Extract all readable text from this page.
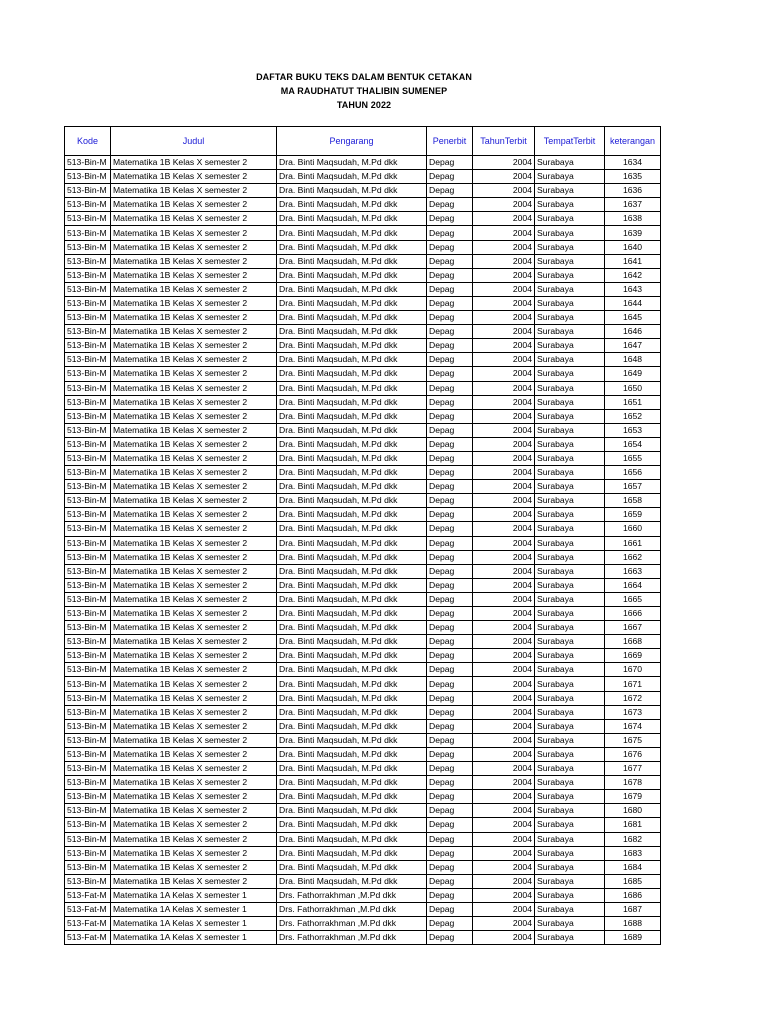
DAFTAR BUKU TEKS DALAM BENTUK CETAKAN
MA RAUDHATUT THALIBIN SUMENEP
TAHUN 2022
Kode	Judul	Pengarang	Penerbit	TahunTerbit	TempatTerbit	keterangan
513-Bin-M	Matematika 1B Kelas X semester 2	Dra. Binti Maqsudah, M.Pd dkk	Depag	2004	Surabaya	1634
513-Bin-M	Matematika 1B Kelas X semester 2	Dra. Binti Maqsudah, M.Pd dkk	Depag	2004	Surabaya	1635
513-Bin-M	Matematika 1B Kelas X semester 2	Dra. Binti Maqsudah, M.Pd dkk	Depag	2004	Surabaya	1636
513-Bin-M	Matematika 1B Kelas X semester 2	Dra. Binti Maqsudah, M.Pd dkk	Depag	2004	Surabaya	1637
513-Bin-M	Matematika 1B Kelas X semester 2	Dra. Binti Maqsudah, M.Pd dkk	Depag	2004	Surabaya	1638
513-Bin-M	Matematika 1B Kelas X semester 2	Dra. Binti Maqsudah, M.Pd dkk	Depag	2004	Surabaya	1639
513-Bin-M	Matematika 1B Kelas X semester 2	Dra. Binti Maqsudah, M.Pd dkk	Depag	2004	Surabaya	1640
513-Bin-M	Matematika 1B Kelas X semester 2	Dra. Binti Maqsudah, M.Pd dkk	Depag	2004	Surabaya	1641
513-Bin-M	Matematika 1B Kelas X semester 2	Dra. Binti Maqsudah, M.Pd dkk	Depag	2004	Surabaya	1642
513-Bin-M	Matematika 1B Kelas X semester 2	Dra. Binti Maqsudah, M.Pd dkk	Depag	2004	Surabaya	1643
513-Bin-M	Matematika 1B Kelas X semester 2	Dra. Binti Maqsudah, M.Pd dkk	Depag	2004	Surabaya	1644
513-Bin-M	Matematika 1B Kelas X semester 2	Dra. Binti Maqsudah, M.Pd dkk	Depag	2004	Surabaya	1645
513-Bin-M	Matematika 1B Kelas X semester 2	Dra. Binti Maqsudah, M.Pd dkk	Depag	2004	Surabaya	1646
513-Bin-M	Matematika 1B Kelas X semester 2	Dra. Binti Maqsudah, M.Pd dkk	Depag	2004	Surabaya	1647
513-Bin-M	Matematika 1B Kelas X semester 2	Dra. Binti Maqsudah, M.Pd dkk	Depag	2004	Surabaya	1648
513-Bin-M	Matematika 1B Kelas X semester 2	Dra. Binti Maqsudah, M.Pd dkk	Depag	2004	Surabaya	1649
513-Bin-M	Matematika 1B Kelas X semester 2	Dra. Binti Maqsudah, M.Pd dkk	Depag	2004	Surabaya	1650
513-Bin-M	Matematika 1B Kelas X semester 2	Dra. Binti Maqsudah, M.Pd dkk	Depag	2004	Surabaya	1651
513-Bin-M	Matematika 1B Kelas X semester 2	Dra. Binti Maqsudah, M.Pd dkk	Depag	2004	Surabaya	1652
513-Bin-M	Matematika 1B Kelas X semester 2	Dra. Binti Maqsudah, M.Pd dkk	Depag	2004	Surabaya	1653
513-Bin-M	Matematika 1B Kelas X semester 2	Dra. Binti Maqsudah, M.Pd dkk	Depag	2004	Surabaya	1654
513-Bin-M	Matematika 1B Kelas X semester 2	Dra. Binti Maqsudah, M.Pd dkk	Depag	2004	Surabaya	1655
513-Bin-M	Matematika 1B Kelas X semester 2	Dra. Binti Maqsudah, M.Pd dkk	Depag	2004	Surabaya	1656
513-Bin-M	Matematika 1B Kelas X semester 2	Dra. Binti Maqsudah, M.Pd dkk	Depag	2004	Surabaya	1657
513-Bin-M	Matematika 1B Kelas X semester 2	Dra. Binti Maqsudah, M.Pd dkk	Depag	2004	Surabaya	1658
513-Bin-M	Matematika 1B Kelas X semester 2	Dra. Binti Maqsudah, M.Pd dkk	Depag	2004	Surabaya	1659
513-Bin-M	Matematika 1B Kelas X semester 2	Dra. Binti Maqsudah, M.Pd dkk	Depag	2004	Surabaya	1660
513-Bin-M	Matematika 1B Kelas X semester 2	Dra. Binti Maqsudah, M.Pd dkk	Depag	2004	Surabaya	1661
513-Bin-M	Matematika 1B Kelas X semester 2	Dra. Binti Maqsudah, M.Pd dkk	Depag	2004	Surabaya	1662
513-Bin-M	Matematika 1B Kelas X semester 2	Dra. Binti Maqsudah, M.Pd dkk	Depag	2004	Surabaya	1663
513-Bin-M	Matematika 1B Kelas X semester 2	Dra. Binti Maqsudah, M.Pd dkk	Depag	2004	Surabaya	1664
513-Bin-M	Matematika 1B Kelas X semester 2	Dra. Binti Maqsudah, M.Pd dkk	Depag	2004	Surabaya	1665
513-Bin-M	Matematika 1B Kelas X semester 2	Dra. Binti Maqsudah, M.Pd dkk	Depag	2004	Surabaya	1666
513-Bin-M	Matematika 1B Kelas X semester 2	Dra. Binti Maqsudah, M.Pd dkk	Depag	2004	Surabaya	1667
513-Bin-M	Matematika 1B Kelas X semester 2	Dra. Binti Maqsudah, M.Pd dkk	Depag	2004	Surabaya	1668
513-Bin-M	Matematika 1B Kelas X semester 2	Dra. Binti Maqsudah, M.Pd dkk	Depag	2004	Surabaya	1669
513-Bin-M	Matematika 1B Kelas X semester 2	Dra. Binti Maqsudah, M.Pd dkk	Depag	2004	Surabaya	1670
513-Bin-M	Matematika 1B Kelas X semester 2	Dra. Binti Maqsudah, M.Pd dkk	Depag	2004	Surabaya	1671
513-Bin-M	Matematika 1B Kelas X semester 2	Dra. Binti Maqsudah, M.Pd dkk	Depag	2004	Surabaya	1672
513-Bin-M	Matematika 1B Kelas X semester 2	Dra. Binti Maqsudah, M.Pd dkk	Depag	2004	Surabaya	1673
513-Bin-M	Matematika 1B Kelas X semester 2	Dra. Binti Maqsudah, M.Pd dkk	Depag	2004	Surabaya	1674
513-Bin-M	Matematika 1B Kelas X semester 2	Dra. Binti Maqsudah, M.Pd dkk	Depag	2004	Surabaya	1675
513-Bin-M	Matematika 1B Kelas X semester 2	Dra. Binti Maqsudah, M.Pd dkk	Depag	2004	Surabaya	1676
513-Bin-M	Matematika 1B Kelas X semester 2	Dra. Binti Maqsudah, M.Pd dkk	Depag	2004	Surabaya	1677
513-Bin-M	Matematika 1B Kelas X semester 2	Dra. Binti Maqsudah, M.Pd dkk	Depag	2004	Surabaya	1678
513-Bin-M	Matematika 1B Kelas X semester 2	Dra. Binti Maqsudah, M.Pd dkk	Depag	2004	Surabaya	1679
513-Bin-M	Matematika 1B Kelas X semester 2	Dra. Binti Maqsudah, M.Pd dkk	Depag	2004	Surabaya	1680
513-Bin-M	Matematika 1B Kelas X semester 2	Dra. Binti Maqsudah, M.Pd dkk	Depag	2004	Surabaya	1681
513-Bin-M	Matematika 1B Kelas X semester 2	Dra. Binti Maqsudah, M.Pd dkk	Depag	2004	Surabaya	1682
513-Bin-M	Matematika 1B Kelas X semester 2	Dra. Binti Maqsudah, M.Pd dkk	Depag	2004	Surabaya	1683
513-Bin-M	Matematika 1B Kelas X semester 2	Dra. Binti Maqsudah, M.Pd dkk	Depag	2004	Surabaya	1684
513-Bin-M	Matematika 1B Kelas X semester 2	Dra. Binti Maqsudah, M.Pd dkk	Depag	2004	Surabaya	1685
513-Fat-M	Matematika 1A Kelas X semester 1	Drs. Fathorrakhman ,M.Pd dkk	Depag	2004	Surabaya	1686
513-Fat-M	Matematika 1A Kelas X semester 1	Drs. Fathorrakhman ,M.Pd dkk	Depag	2004	Surabaya	1687
513-Fat-M	Matematika 1A Kelas X semester 1	Drs. Fathorrakhman ,M.Pd dkk	Depag	2004	Surabaya	1688
513-Fat-M	Matematika 1A Kelas X semester 1	Drs. Fathorrakhman ,M.Pd dkk	Depag	2004	Surabaya	1689
